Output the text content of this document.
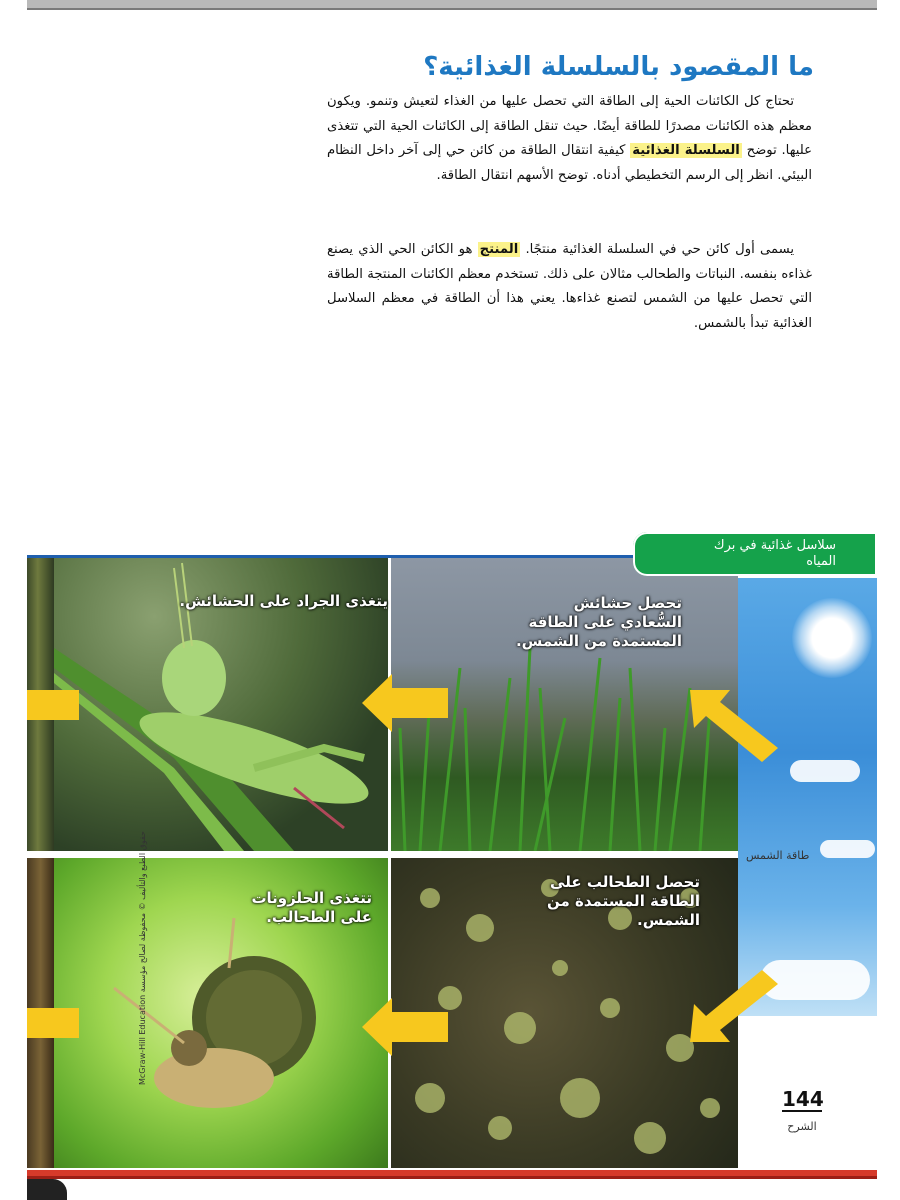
ما المقصود بالسلسلة الغذائية؟

تحتاج كل الكائنات الحية إلى الطاقة التي تحصل عليها من الغذاء لتعيش وتنمو. ويكون معظم هذه الكائنات مصدرًا للطاقة أيضًا. حيث تنقل الطاقة إلى الكائنات الحية التي تتغذى عليها. توضح السلسلة الغذائية كيفية انتقال الطاقة من كائن حي إلى آخر داخل النظام البيئي. انظر إلى الرسم التخطيطي أدناه. توضح الأسهم انتقال الطاقة.

يسمى أول كائن حي في السلسلة الغذائية منتجًا. المنتج هو الكائن الحي الذي يصنع غذاءه بنفسه. النباتات والطحالب مثالان على ذلك. تستخدم معظم الكائنات المنتجة الطاقة التي تحصل عليها من الشمس لتصنع غذاءها. يعني هذا أن الطاقة في معظم السلاسل الغذائية تبدأ بالشمس.

سلاسل غذائية في برك المياه

يتغذى الجراد على الحشائش.	تحصل حشائش السُّعادي على الطاقة المستمدة من الشمس.

تحصل الطحالب على الطاقة المستمدة من الشمس.

تتغذى الحلزونات على الطحالب.

طاقة الشمس
McGraw-Hill Education حقوق الطبع والتأليف © محفوظة لصالح مؤسسة
144
الشرح
